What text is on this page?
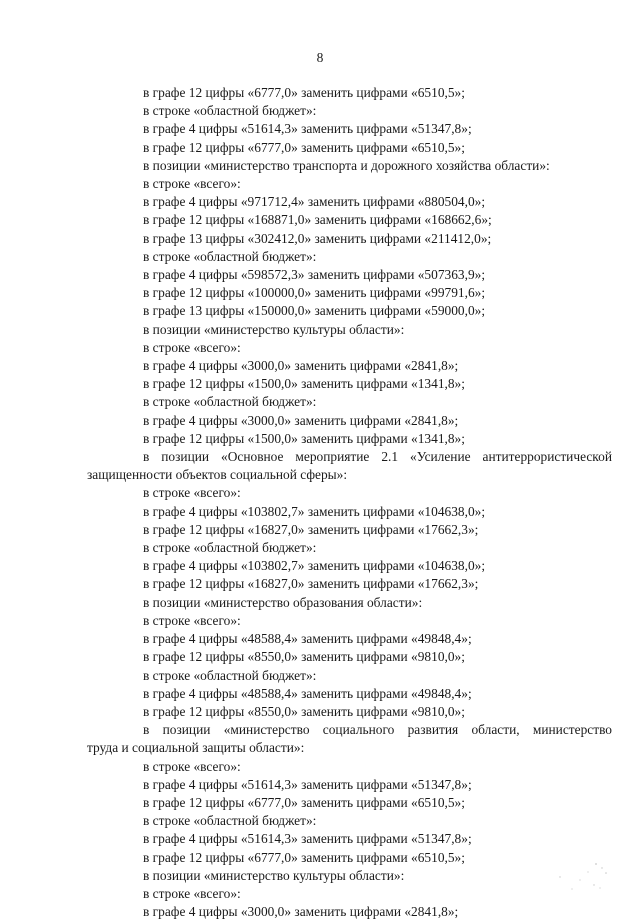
8

в графе 12 цифры «6777,0» заменить цифрами «6510,5»;

в строке «областной бюджет»:

в графе 4 цифры «51614,3» заменить цифрами «51347,8»;

в графе 12 цифры «6777,0» заменить цифрами «6510,5»;

в позиции «министерство транспорта и дорожного хозяйства области»:

в строке «всего»:

в графе 4 цифры «971712,4» заменить цифрами «880504,0»;

в графе 12 цифры «168871,0» заменить цифрами «168662,6»;

в графе 13 цифры «302412,0» заменить цифрами «211412,0»;

в строке «областной бюджет»:

в графе 4 цифры «598572,3» заменить цифрами «507363,9»;

в графе 12 цифры «100000,0» заменить цифрами «99791,6»;

в графе 13 цифры «150000,0» заменить цифрами «59000,0»;

в позиции «министерство культуры области»:

в строке «всего»:

в графе 4 цифры «3000,0» заменить цифрами «2841,8»;

в графе 12 цифры «1500,0» заменить цифрами «1341,8»;

в строке «областной бюджет»:

в графе 4 цифры «3000,0» заменить цифрами «2841,8»;

в графе 12 цифры «1500,0» заменить цифрами «1341,8»;

в позиции «Основное мероприятие 2.1 «Усиление антитеррористической

защищенности объектов социальной сферы»:

в строке «всего»:

в графе 4 цифры «103802,7» заменить цифрами «104638,0»;

в графе 12 цифры «16827,0» заменить цифрами «17662,3»;

в строке «областной бюджет»:

в графе 4 цифры «103802,7» заменить цифрами «104638,0»;

в графе 12 цифры «16827,0» заменить цифрами «17662,3»;

в позиции «министерство образования области»:

в строке «всего»:

в графе 4 цифры «48588,4» заменить цифрами «49848,4»;

в графе 12 цифры «8550,0» заменить цифрами «9810,0»;

в строке «областной бюджет»:

в графе 4 цифры «48588,4» заменить цифрами «49848,4»;

в графе 12 цифры «8550,0» заменить цифрами «9810,0»;

в позиции «министерство социального развития области, министерство

труда и социальной защиты области»:

в строке «всего»:

в графе 4 цифры «51614,3» заменить цифрами «51347,8»;

в графе 12 цифры «6777,0» заменить цифрами «6510,5»;

в строке «областной бюджет»:

в графе 4 цифры «51614,3» заменить цифрами «51347,8»;

в графе 12 цифры «6777,0» заменить цифрами «6510,5»;

в позиции «министерство культуры области»:

в строке «всего»:

в графе 4 цифры «3000,0» заменить цифрами «2841,8»;
